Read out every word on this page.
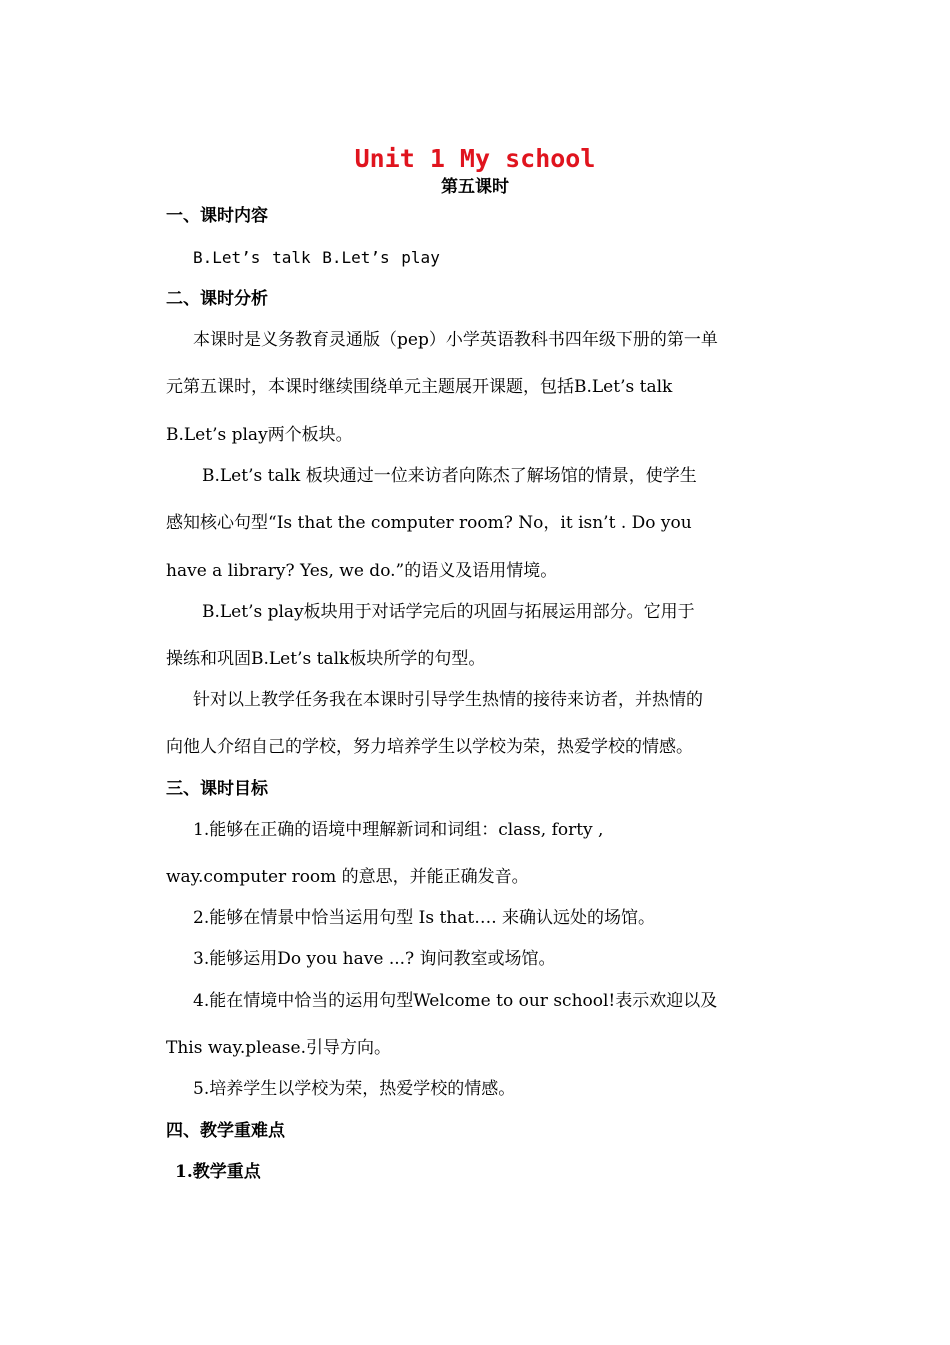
Unit 1 My school
第五课时
一、课时内容
B.Let’s talk B.Let’s play
二、课时分析
本课时是义务教育灵通版（pep）小学英语教科书四年级下册的第一单
元第五课时，本课时继续围绕单元主题展开课题，包括B.Let’s talk
B.Let’s play两个板块。
B.Let’s talk 板块通过一位来访者向陈杰了解场馆的情景，使学生
感知核心句型“Is that the computer room? No，it isn’t . Do you
have a library? Yes, we do.”的语义及语用情境。
B.Let’s play板块用于对话学完后的巩固与拓展运用部分。它用于
操练和巩固B.Let’s talk板块所学的句型。
针对以上教学任务我在本课时引导学生热情的接待来访者，并热情的
向他人介绍自己的学校，努力培养学生以学校为荣，热爱学校的情感。
三、课时目标
1.能够在正确的语境中理解新词和词组：class, forty ,
way.computer room 的意思，并能正确发音。
2.能够在情景中恰当运用句型 Is that…. 来确认远处的场馆。
3.能够运用Do you have ...? 询问教室或场馆。
4.能在情境中恰当的运用句型Welcome to our school!表示欢迎以及
This way.please.引导方向。
5.培养学生以学校为荣，热爱学校的情感。
四、教学重难点
1.教学重点
